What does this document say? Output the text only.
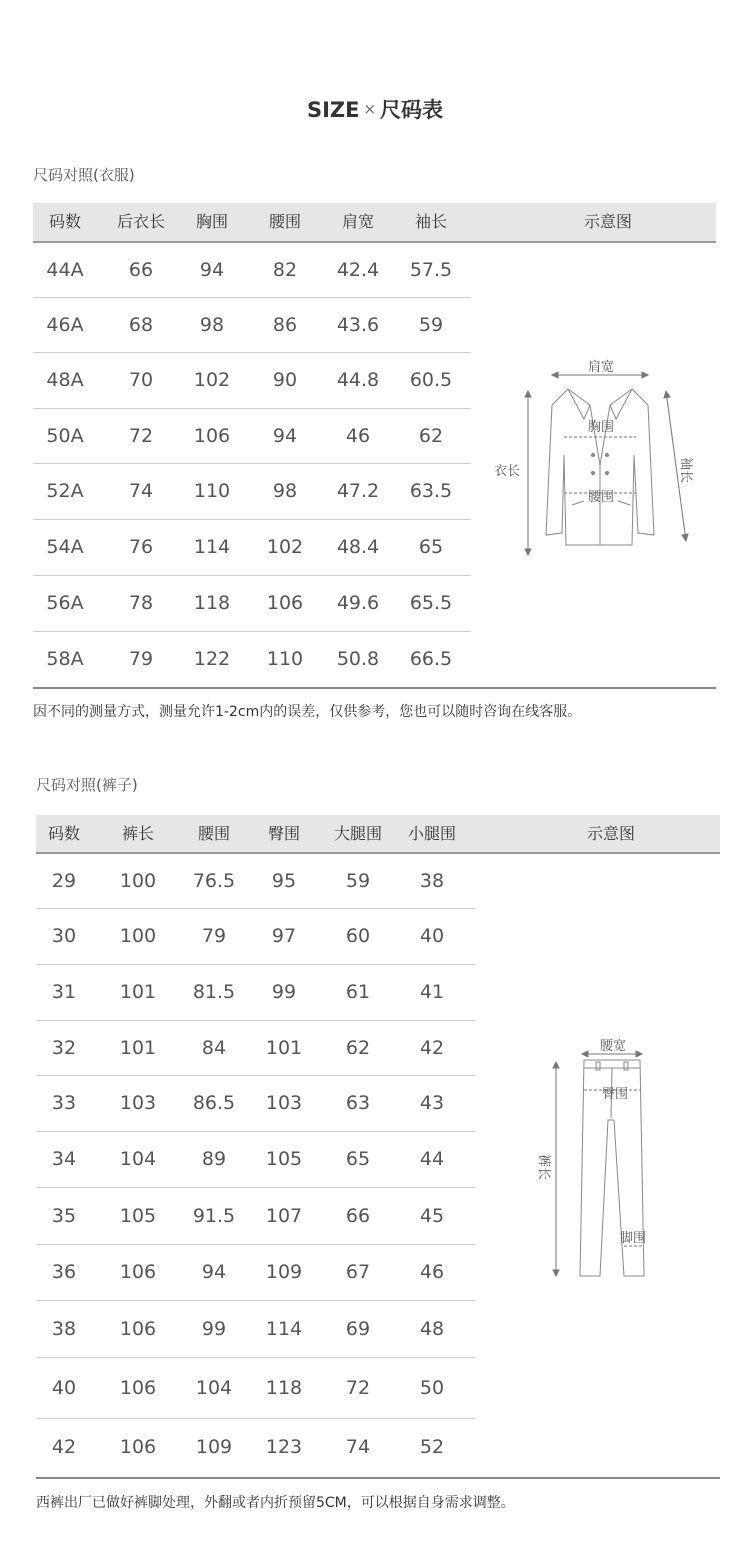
SIZE × 尺码表
尺码对照(衣服)
码数	后衣长	胸围	腰围	肩宽	袖长	示意图
44A	66	94	82	42.4	57.5
46A	68	98	86	43.6	59
48A	70	102	90	44.8	60.5
50A	72	106	94	46	62
52A	74	110	98	47.2	63.5
54A	76	114	102	48.4	65
56A	78	118	106	49.6	65.5
58A	79	122	110	50.8	66.5
肩宽
胸围
腰围
衣长	袖长
因不同的测量方式，测量允许1-2cm内的误差，仅供参考，您也可以随时咨询在线客服。
尺码对照(裤子)
码数	裤长	腰围	臀围	大腿围	小腿围	示意图
29	100	76.5	95	59	38
30	100	79	97	60	40
31	101	81.5	99	61	41
32	101	84	101	62	42
33	103	86.5	103	63	43
34	104	89	105	65	44
35	105	91.5	107	66	45
36	106	94	109	67	46
38	106	99	114	69	48
40	106	104	118	72	50
42	106	109	123	74	52
腰宽
臀围
裤长
脚围
西裤出厂已做好裤脚处理，外翻或者内折预留5CM，可以根据自身需求调整。
